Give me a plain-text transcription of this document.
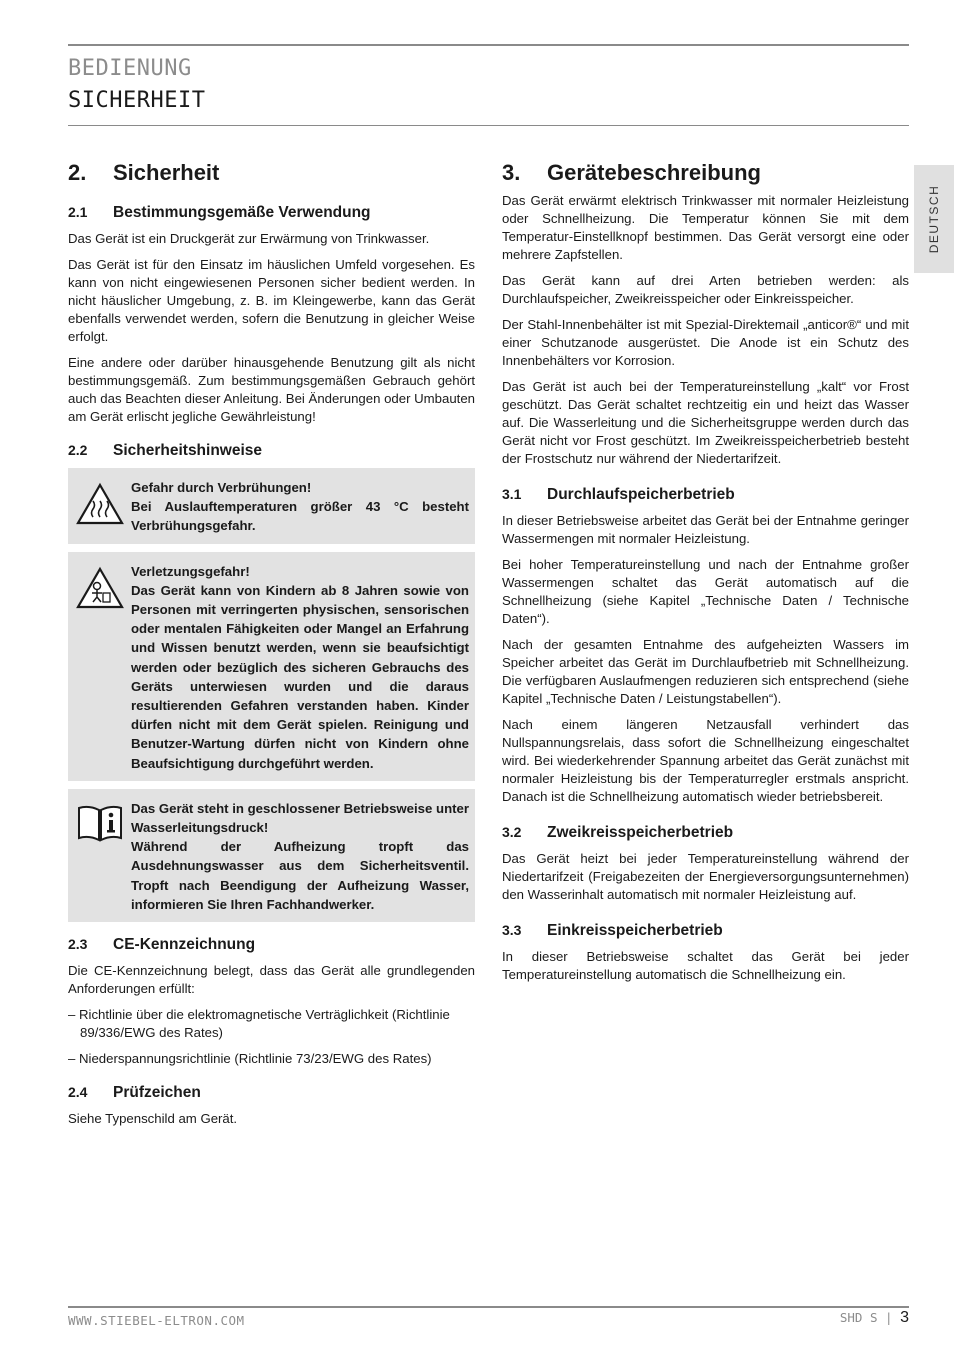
BEDIENUNG
SICHERHEIT
DEUTSCH
2.	Sicherheit
2.1	Bestimmungsgemäße Verwendung

Das Gerät ist ein Druckgerät zur Erwärmung von Trinkwasser.

Das Gerät ist für den Einsatz im häuslichen Umfeld vorgesehen. Es kann von nicht eingewiesenen Personen sicher bedient werden. In nicht häuslicher Umgebung, z. B. im Kleingewerbe, kann das Gerät ebenfalls verwendet werden, sofern die Benutzung in gleicher Weise erfolgt.

Eine andere oder darüber hinausgehende Benutzung gilt als nicht bestimmungsgemäß. Zum bestimmungsgemäßen Gebrauch gehört auch das Beachten dieser Anleitung. Bei Änderungen oder Umbauten am Gerät erlischt jegliche Gewährleistung!

2.2	Sicherheitshinweise
Gefahr durch Verbrühungen!
Bei Auslauftemperaturen größer 43 °C besteht Verbrühungsgefahr.
Verletzungsgefahr!
Das Gerät kann von Kindern ab 8 Jahren sowie von Personen mit verringerten physischen, sensorischen oder mentalen Fähigkeiten oder Mangel an Erfahrung und Wissen benutzt werden, wenn sie beaufsichtigt werden oder bezüglich des sicheren Gebrauchs des Geräts unterwiesen wurden und die daraus resultierenden Gefahren verstanden haben. Kinder dürfen nicht mit dem Gerät spielen. Reinigung und Benutzer-Wartung dürfen nicht von Kindern ohne Beaufsichtigung durchgeführt werden.
Das Gerät steht in geschlossener Betriebsweise unter Wasserleitungsdruck!
Während der Aufheizung tropft das Ausdehnungswasser aus dem Sicherheitsventil. Tropft nach Beendigung der Aufheizung Wasser, informieren Sie Ihren Fachhandwerker.
2.3	CE-Kennzeichnung

Die CE-Kennzeichnung belegt, dass das Gerät alle grundlegenden Anforderungen erfüllt:

– Richtlinie über die elektromagnetische Verträglichkeit (Richtlinie 89/336/EWG des Rates)
– Niederspannungsrichtlinie (Richtlinie 73/23/EWG des Rates)
2.4	Prüfzeichen

Siehe Typenschild am Gerät.

3.	Gerätebeschreibung

Das Gerät erwärmt elektrisch Trinkwasser mit normaler Heizleistung oder Schnellheizung. Die Temperatur können Sie mit dem Temperatur-Einstellknopf bestimmen. Das Gerät versorgt eine oder mehrere Zapfstellen.

Das Gerät kann auf drei Arten betrieben werden: als Durchlaufspeicher, Zweikreisspeicher oder Einkreisspeicher.

Der Stahl-Innenbehälter ist mit Spezial-Direktemail „anticor®“ und mit einer Schutzanode ausgerüstet. Die Anode ist ein Schutz des Innenbehälters vor Korrosion.

Das Gerät ist auch bei der Temperatureinstellung „kalt“ vor Frost geschützt. Das Gerät schaltet rechtzeitig ein und heizt das Wasser auf. Die Wasserleitung und die Sicherheitsgruppe werden durch das Gerät nicht vor Frost geschützt. Im Zweikreisspeicherbetrieb besteht der Frostschutz nur während der Niedertarifzeit.

3.1	Durchlaufspeicherbetrieb

In dieser Betriebsweise arbeitet das Gerät bei der Entnahme geringer Wassermengen mit normaler Heizleistung.

Bei hoher Temperatureinstellung und nach der Entnahme großer Wassermengen schaltet das Gerät automatisch auf die Schnellheizung (siehe Kapitel „Technische Daten / Technische Daten“).

Nach der gesamten Entnahme des aufgeheizten Wassers im Speicher arbeitet das Gerät im Durchlaufbetrieb mit Schnellheizung. Die verfügbaren Auslaufmengen reduzieren sich entsprechend (siehe Kapitel „Technische Daten / Leistungstabellen“).

Nach einem längeren Netzausfall verhindert das Nullspannungsrelais, dass sofort die Schnellheizung eingeschaltet wird. Bei wiederkehrender Spannung arbeitet das Gerät zunächst mit normaler Heizleistung bis der Temperaturregler erstmals anspricht. Danach ist die Schnellheizung automatisch wieder betriebsbereit.

3.2	Zweikreisspeicherbetrieb

Das Gerät heizt bei jeder Temperatureinstellung während der Niedertarifzeit (Freigabezeiten der Energieversorgungsunternehmen) den Wasserinhalt automatisch mit normaler Heizleistung auf.

3.3	Einkreisspeicherbetrieb

In dieser Betriebsweise schaltet das Gerät bei jeder Temperatureinstellung automatisch die Schnellheizung ein.

WWW.STIEBEL-ELTRON.COM	SHD S | 3
